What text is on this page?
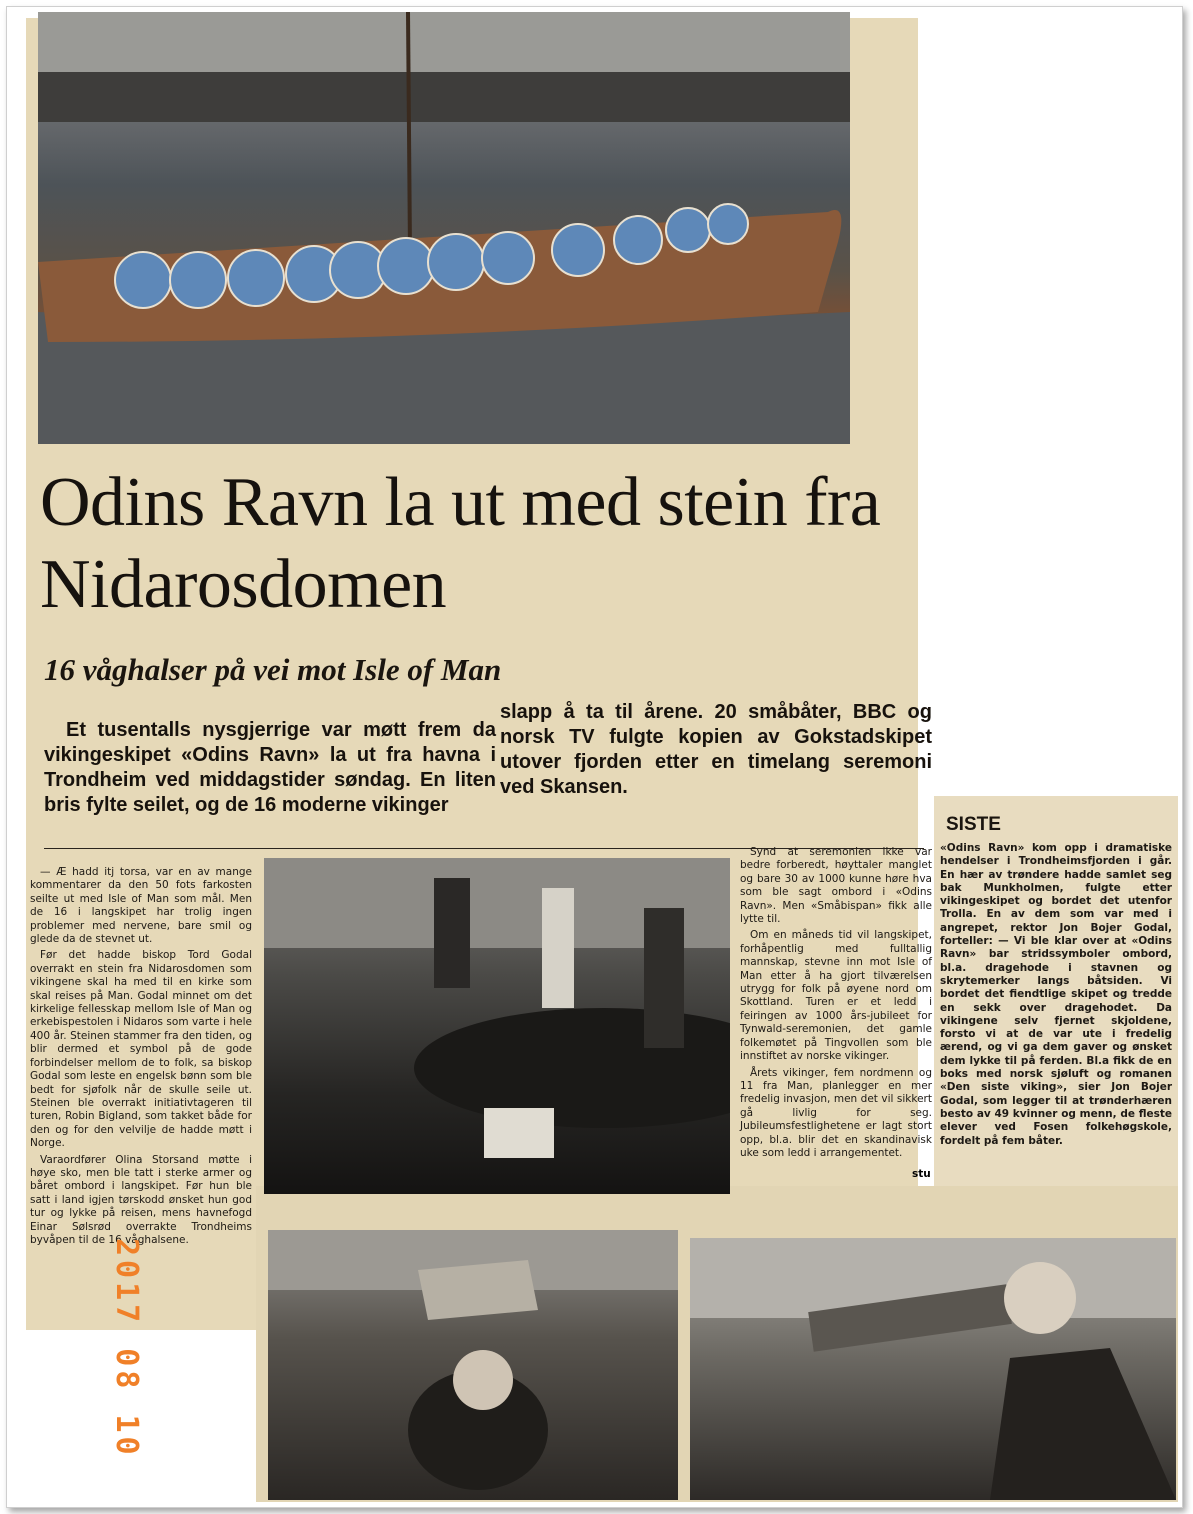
Odins Ravn la ut med stein fra Nidarosdomen
16 våghalser på vei mot Isle of Man

Et tusentalls nysgjerrige var møtt frem da vikingeskipet «Odins Ravn» la ut fra havna i Trondheim ved middagstider søndag. En liten bris fylte seilet, og de 16 moderne vikinger

slapp å ta til årene. 20 småbåter, BBC og norsk TV fulgte kopien av Gokstadskipet utover fjorden etter en timelang seremoni ved Skansen.

— Æ hadd itj torsa, var en av mange kommentarer da den 50 fots farkosten seilte ut med Isle of Man som mål. Men de 16 i langskipet har trolig ingen problemer med nervene, bare smil og glede da de stevnet ut.

Før det hadde biskop Tord Godal overrakt en stein fra Nidarosdomen som vikingene skal ha med til en kirke som skal reises på Man. Godal minnet om det kirkelige fellesskap mellom Isle of Man og erkebispestolen i Nidaros som varte i hele 400 år. Steinen stammer fra den tiden, og blir dermed et symbol på de gode forbindelser mellom de to folk, sa biskop Godal som leste en engelsk bønn som ble bedt for sjøfolk når de skulle seile ut. Steinen ble overrakt initiativtageren til turen, Robin Bigland, som takket både for den og for den velvilje de hadde møtt i Norge.

Varaordfører Olina Storsand møtte i høye sko, men ble tatt i sterke armer og båret ombord i langskipet. Før hun ble satt i land igjen tørskodd ønsket hun god tur og lykke på reisen, mens havnefogd Einar Sølsrød overrakte Trondheims byvåpen til de 16 våghalsene.

Synd at seremonien ikke var bedre forberedt, høyttaler manglet og bare 30 av 1000 kunne høre hva som ble sagt ombord i «Odins Ravn». Men «Småbispan» fikk alle lytte til.

Om en måneds tid vil langskipet, forhåpentlig med fulltallig mannskap, stevne inn mot Isle of Man etter å ha gjort tilværelsen utrygg for folk på øyene nord om Skottland. Turen er et ledd i feiringen av 1000 års-jubileet for Tynwald-seremonien, det gamle folkemøtet på Tingvollen som ble innstiftet av norske vikinger.

Årets vikinger, fem nordmenn og 11 fra Man, planlegger en mer fredelig invasjon, men det vil sikkert gå livlig for seg. Jubileumsfestlighetene er lagt stort opp, bl.a. blir det en skandinavisk uke som ledd i arrangementet.

stu
SISTE

«Odins Ravn» kom opp i dramatiske hendelser i Trondheimsfjorden i går. En hær av trøndere hadde samlet seg bak Munkholmen, fulgte etter vikingeskipet og bordet det utenfor Trolla. En av dem som var med i angrepet, rektor Jon Bojer Godal, forteller: — Vi ble klar over at «Odins Ravn» bar stridssymboler ombord, bl.a. dragehode i stavnen og skrytemerker langs båtsiden. Vi bordet det fiendtlige skipet og tredde en sekk over dragehodet. Da vikingene selv fjernet skjoldene, forsto vi at de var ute i fredelig ærend, og vi ga dem gaver og ønsket dem lykke til på ferden. Bl.a fikk de en boks med norsk sjøluft og romanen «Den siste viking», sier Jon Bojer Godal, som legger til at trønderhæren besto av 49 kvinner og menn, de fleste elever ved Fosen folkehøgskole, fordelt på fem båter.

2017 08 10
